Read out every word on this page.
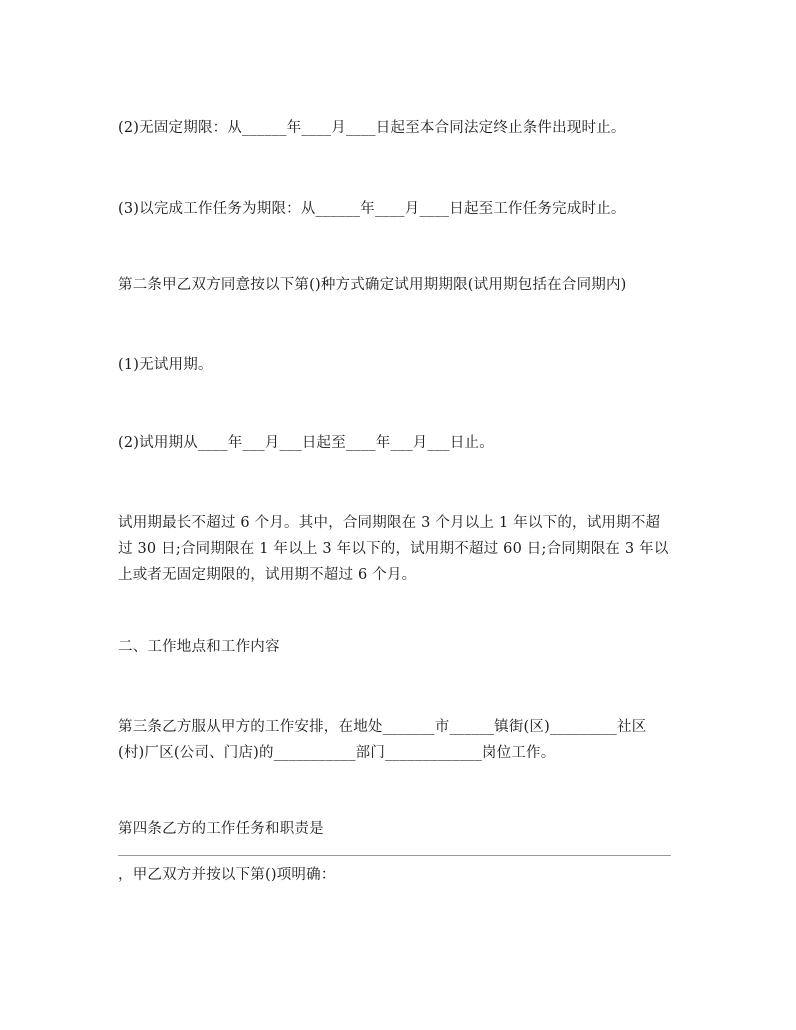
(2)无固定期限：从______年____月____日起至本合同法定终止条件出现时止。
(3)以完成工作任务为期限：从______年____月____日起至工作任务完成时止。
第二条甲乙双方同意按以下第()种方式确定试用期期限(试用期包括在合同期内)
(1)无试用期。
(2)试用期从____年___月___日起至____年___月___日止。
试用期最长不超过 6 个月。其中，合同期限在 3 个月以上 1 年以下的，试用期不超
过 30 日;合同期限在 1 年以上 3 年以下的，试用期不超过 60 日;合同期限在 3 年以
上或者无固定期限的，试用期不超过 6 个月。
二、工作地点和工作内容
第三条乙方服从甲方的工作安排，在地处_______市______镇街(区)_________社区
(村)厂区(公司、门店)的___________部门_____________岗位工作。
第四条乙方的工作任务和职责是
，甲乙双方并按以下第()项明确：
